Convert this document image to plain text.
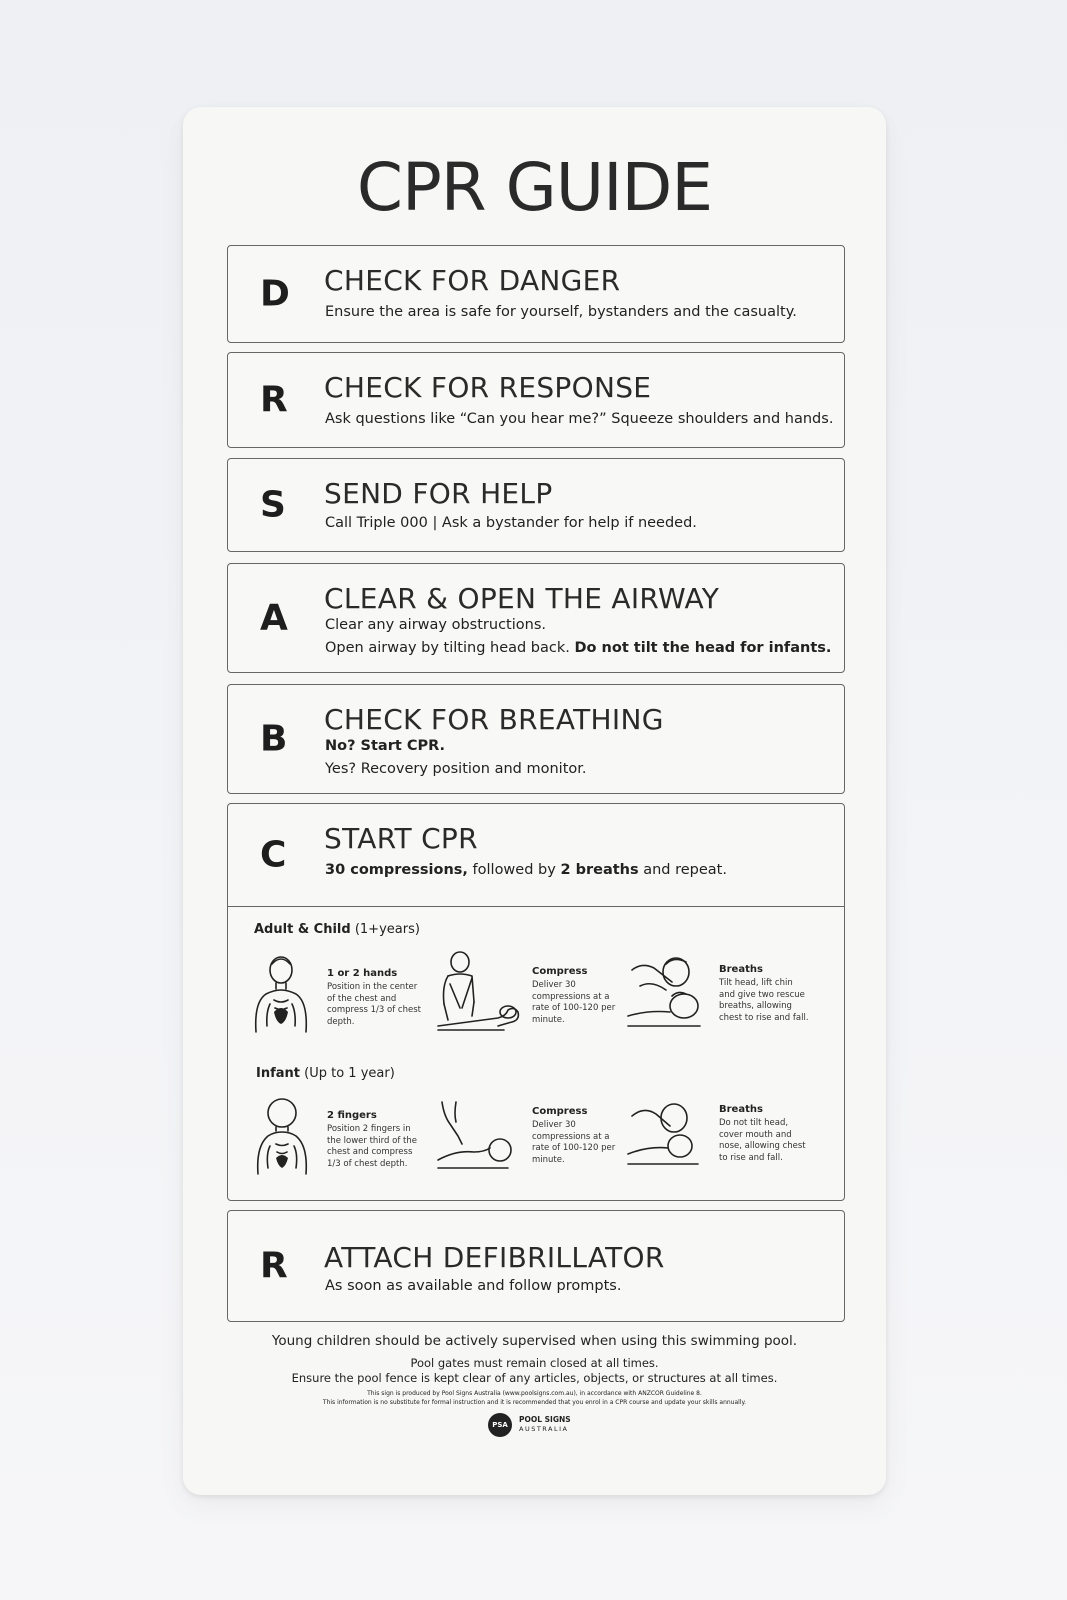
CPR GUIDE
D CHECK FOR DANGER
Ensure the area is safe for yourself, bystanders and the casualty.
R CHECK FOR RESPONSE
Ask questions like “Can you hear me?” Squeeze shoulders and hands.
S SEND FOR HELP
Call Triple 000 | Ask a bystander for help if needed.
A CLEAR & OPEN THE AIRWAY
Clear any airway obstructions.
Open airway by tilting head back. Do not tilt the head for infants.
B CHECK FOR BREATHING
No? Start CPR.
Yes? Recovery position and monitor.
C START CPR
30 compressions, followed by 2 breaths and repeat.
Adult & Child (1+years)
1 or 2 hands
Position in the center
of the chest and
compress 1/3 of chest
depth.
Compress
Deliver 30
compressions at a
rate of 100-120 per
minute.
Breaths
Tilt head, lift chin
and give two rescue
breaths, allowing
chest to rise and fall.
Infant (Up to 1 year)
2 fingers
Position 2 fingers in
the lower third of the
chest and compress
1/3 of chest depth.
Compress
Deliver 30
compressions at a
rate of 100-120 per
minute.
Breaths
Do not tilt head,
cover mouth and
nose, allowing chest
to rise and fall.
R ATTACH DEFIBRILLATOR
As soon as available and follow prompts.
Young children should be actively supervised when using this swimming pool.
Pool gates must remain closed at all times.
Ensure the pool fence is kept clear of any articles, objects, or structures at all times.
This sign is produced by Pool Signs Australia (www.poolsigns.com.au), in accordance with ANZCOR Guideline 8.
This information is no substitute for formal instruction and it is recommended that you enrol in a CPR course and update your skills annually.
PSA
POOL SIGNS
AUSTRALIA
